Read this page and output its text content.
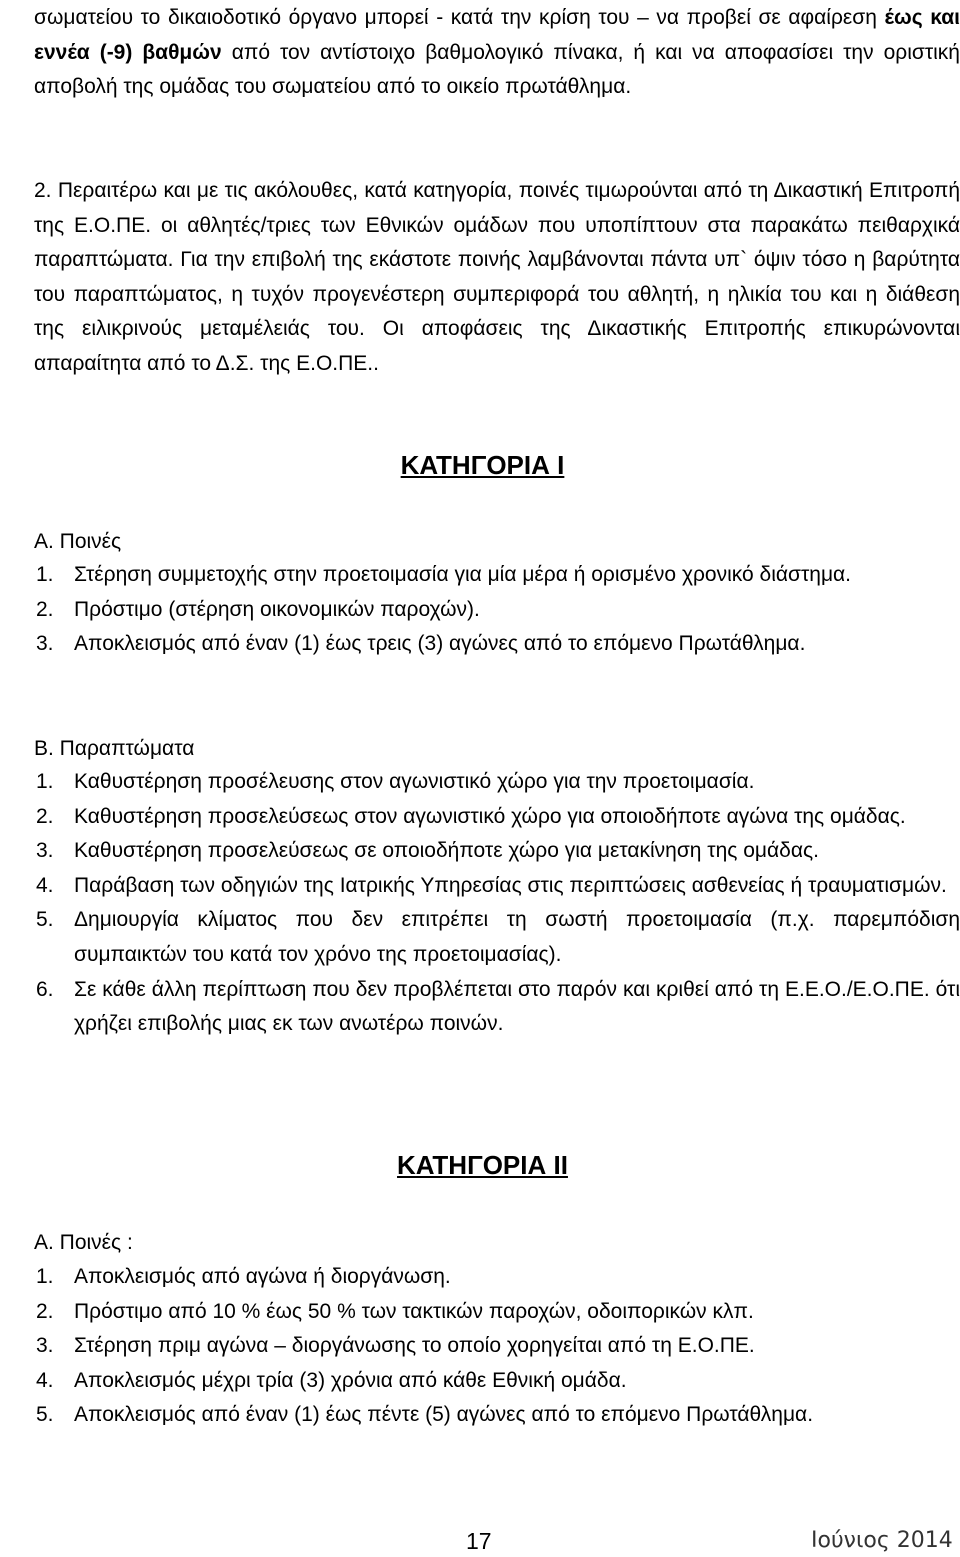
σωματείου το δικαιοδοτικό όργανο μπορεί - κατά την κρίση του – να προβεί σε αφαίρεση έως και εννέα (-9) βαθμών από τον αντίστοιχο βαθμολογικό πίνακα, ή και να αποφασίσει την οριστική αποβολή της ομάδας του σωματείου από το οικείο πρωτάθλημα.

2. Περαιτέρω και με τις ακόλουθες, κατά κατηγορία, ποινές τιμωρούνται από τη Δικαστική Επιτροπή της Ε.Ο.ΠΕ. οι αθλητές/τριες των Εθνικών ομάδων που υποπίπτουν στα παρακάτω πειθαρχικά παραπτώματα. Για την επιβολή της εκάστοτε ποινής λαμβάνονται πάντα υπ` όψιν τόσο η βαρύτητα του παραπτώματος, η τυχόν προγενέστερη συμπεριφορά του αθλητή, η ηλικία του και η διάθεση της ειλικρινούς μεταμέλειάς του. Οι αποφάσεις της Δικαστικής Επιτροπής επικυρώνονται απαραίτητα από το Δ.Σ. της Ε.Ο.ΠΕ..

ΚΑΤΗΓΟΡΙΑ Ι

Α. Ποινές

1. Στέρηση συμμετοχής στην προετοιμασία για μία μέρα ή ορισμένο χρονικό διάστημα.
2. Πρόστιμο (στέρηση οικονομικών παροχών).
3. Αποκλεισμός από έναν (1) έως τρεις (3) αγώνες από το επόμενο Πρωτάθλημα.

Β. Παραπτώματα

1. Καθυστέρηση προσέλευσης στον αγωνιστικό χώρο για την προετοιμασία.
2. Καθυστέρηση προσελεύσεως στον αγωνιστικό χώρο για οποιοδήποτε αγώνα της ομάδας.
3. Καθυστέρηση προσελεύσεως σε οποιοδήποτε χώρο για μετακίνηση της ομάδας.
4. Παράβαση των οδηγιών της Ιατρικής Υπηρεσίας στις περιπτώσεις ασθενείας ή τραυματισμών.
5. Δημιουργία κλίματος που δεν επιτρέπει τη σωστή προετοιμασία (π.χ. παρεμπόδιση συμπαικτών του κατά τον χρόνο της προετοιμασίας).
6. Σε κάθε άλλη περίπτωση που δεν προβλέπεται στο παρόν και κριθεί από τη Ε.Ε.Ο./Ε.Ο.ΠΕ. ότι χρήζει επιβολής μιας εκ των ανωτέρω ποινών.
ΚΑΤΗΓΟΡΙΑ ΙΙ

Α. Ποινές :

1. Αποκλεισμός από αγώνα ή διοργάνωση.
2. Πρόστιμο από 10 % έως 50 % των τακτικών παροχών, οδοιπορικών κλπ.
3. Στέρηση πριμ αγώνα – διοργάνωσης το οποίο χορηγείται από τη Ε.Ο.ΠΕ.
4. Αποκλεισμός μέχρι τρία (3) χρόνια από κάθε Εθνική ομάδα.
5. Αποκλεισμός από έναν (1) έως πέντε (5) αγώνες από το επόμενο Πρωτάθλημα.
17	Ιούνιος 2014
